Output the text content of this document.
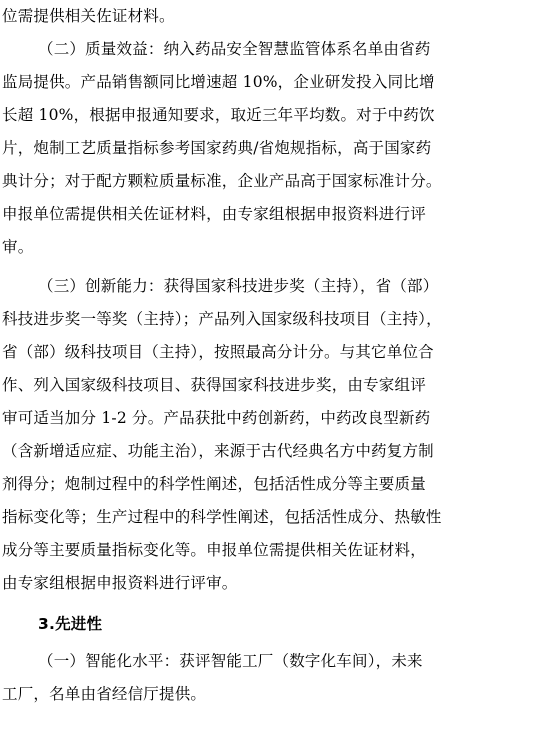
位需提供相关佐证材料。
（二）质量效益：纳入药品安全智慧监管体系名单由省药
监局提供。产品销售额同比增速超 10%，企业研发投入同比增
长超 10%，根据申报通知要求，取近三年平均数。对于中药饮
片，炮制工艺质量指标参考国家药典/省炮规指标，高于国家药
典计分；对于配方颗粒质量标准，企业产品高于国家标准计分。
申报单位需提供相关佐证材料，由专家组根据申报资料进行评
审。
（三）创新能力：获得国家科技进步奖（主持），省（部）
科技进步奖一等奖（主持）；产品列入国家级科技项目（主持），
省（部）级科技项目（主持），按照最高分计分。与其它单位合
作、列入国家级科技项目、获得国家科技进步奖，由专家组评
审可适当加分 1-2 分。产品获批中药创新药，中药改良型新药
（含新增适应症、功能主治），来源于古代经典名方中药复方制
剂得分；炮制过程中的科学性阐述，包括活性成分等主要质量
指标变化等；生产过程中的科学性阐述，包括活性成分、热敏性
成分等主要质量指标变化等。申报单位需提供相关佐证材料，
由专家组根据申报资料进行评审。
3.先进性
（一）智能化水平：获评智能工厂（数字化车间），未来
工厂，名单由省经信厅提供。
